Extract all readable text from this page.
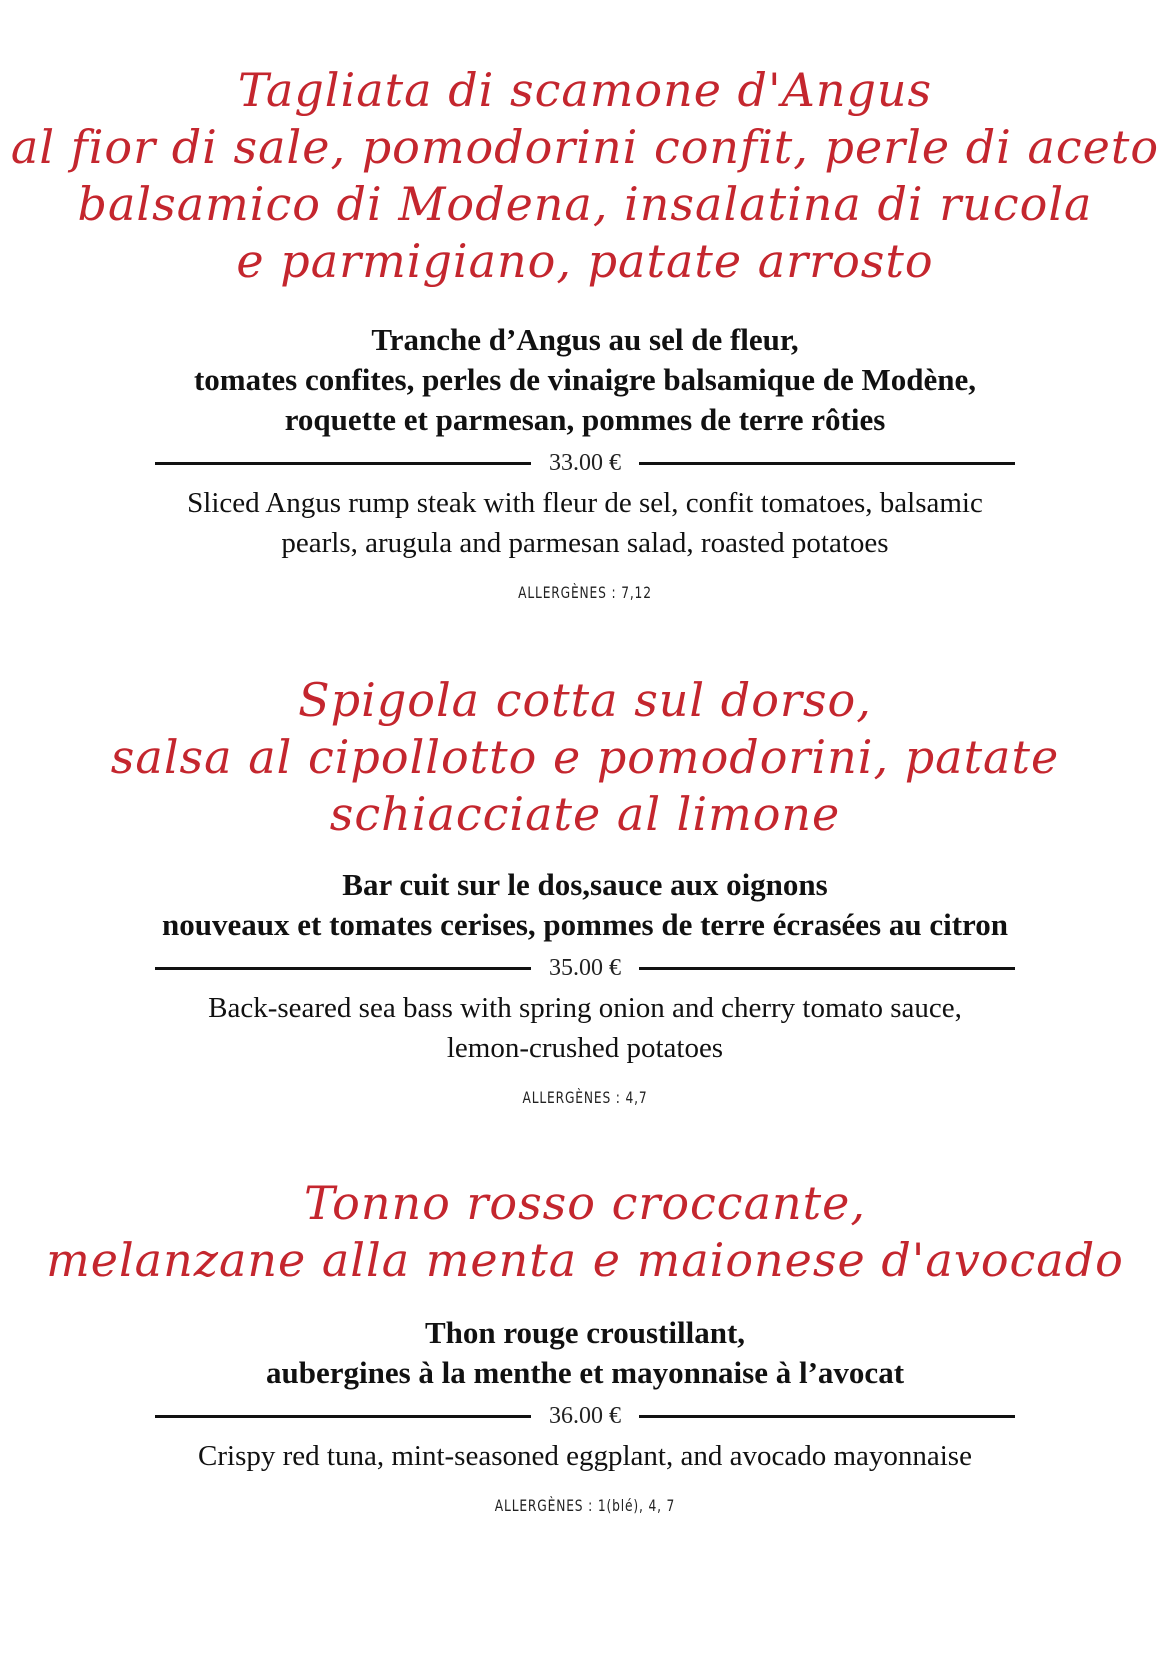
Tagliata di scamone d'Angus
al fior di sale, pomodorini confit, perle di aceto
balsamico di Modena, insalatina di rucola
e parmigiano, patate arrosto
Tranche d’Angus au sel de fleur,
tomates confites, perles de vinaigre balsamique de Modène,
roquette et parmesan, pommes de terre rôties
33.00 €
Sliced Angus rump steak with fleur de sel, confit tomatoes, balsamic
pearls, arugula and parmesan salad, roasted potatoes
ALLERGÈNES : 7,12
Spigola cotta sul dorso,
salsa al cipollotto e pomodorini, patate
schiacciate al limone
Bar cuit sur le dos,sauce aux oignons
nouveaux et tomates cerises, pommes de terre écrasées au citron
35.00 €
Back-seared sea bass with spring onion and cherry tomato sauce,
lemon-crushed potatoes
ALLERGÈNES : 4,7
Tonno rosso croccante,
melanzane alla menta e maionese d'avocado
Thon rouge croustillant,
aubergines à la menthe et mayonnaise à l’avocat
36.00 €
Crispy red tuna, mint-seasoned eggplant, and avocado mayonnaise
ALLERGÈNES : 1(blé), 4, 7
